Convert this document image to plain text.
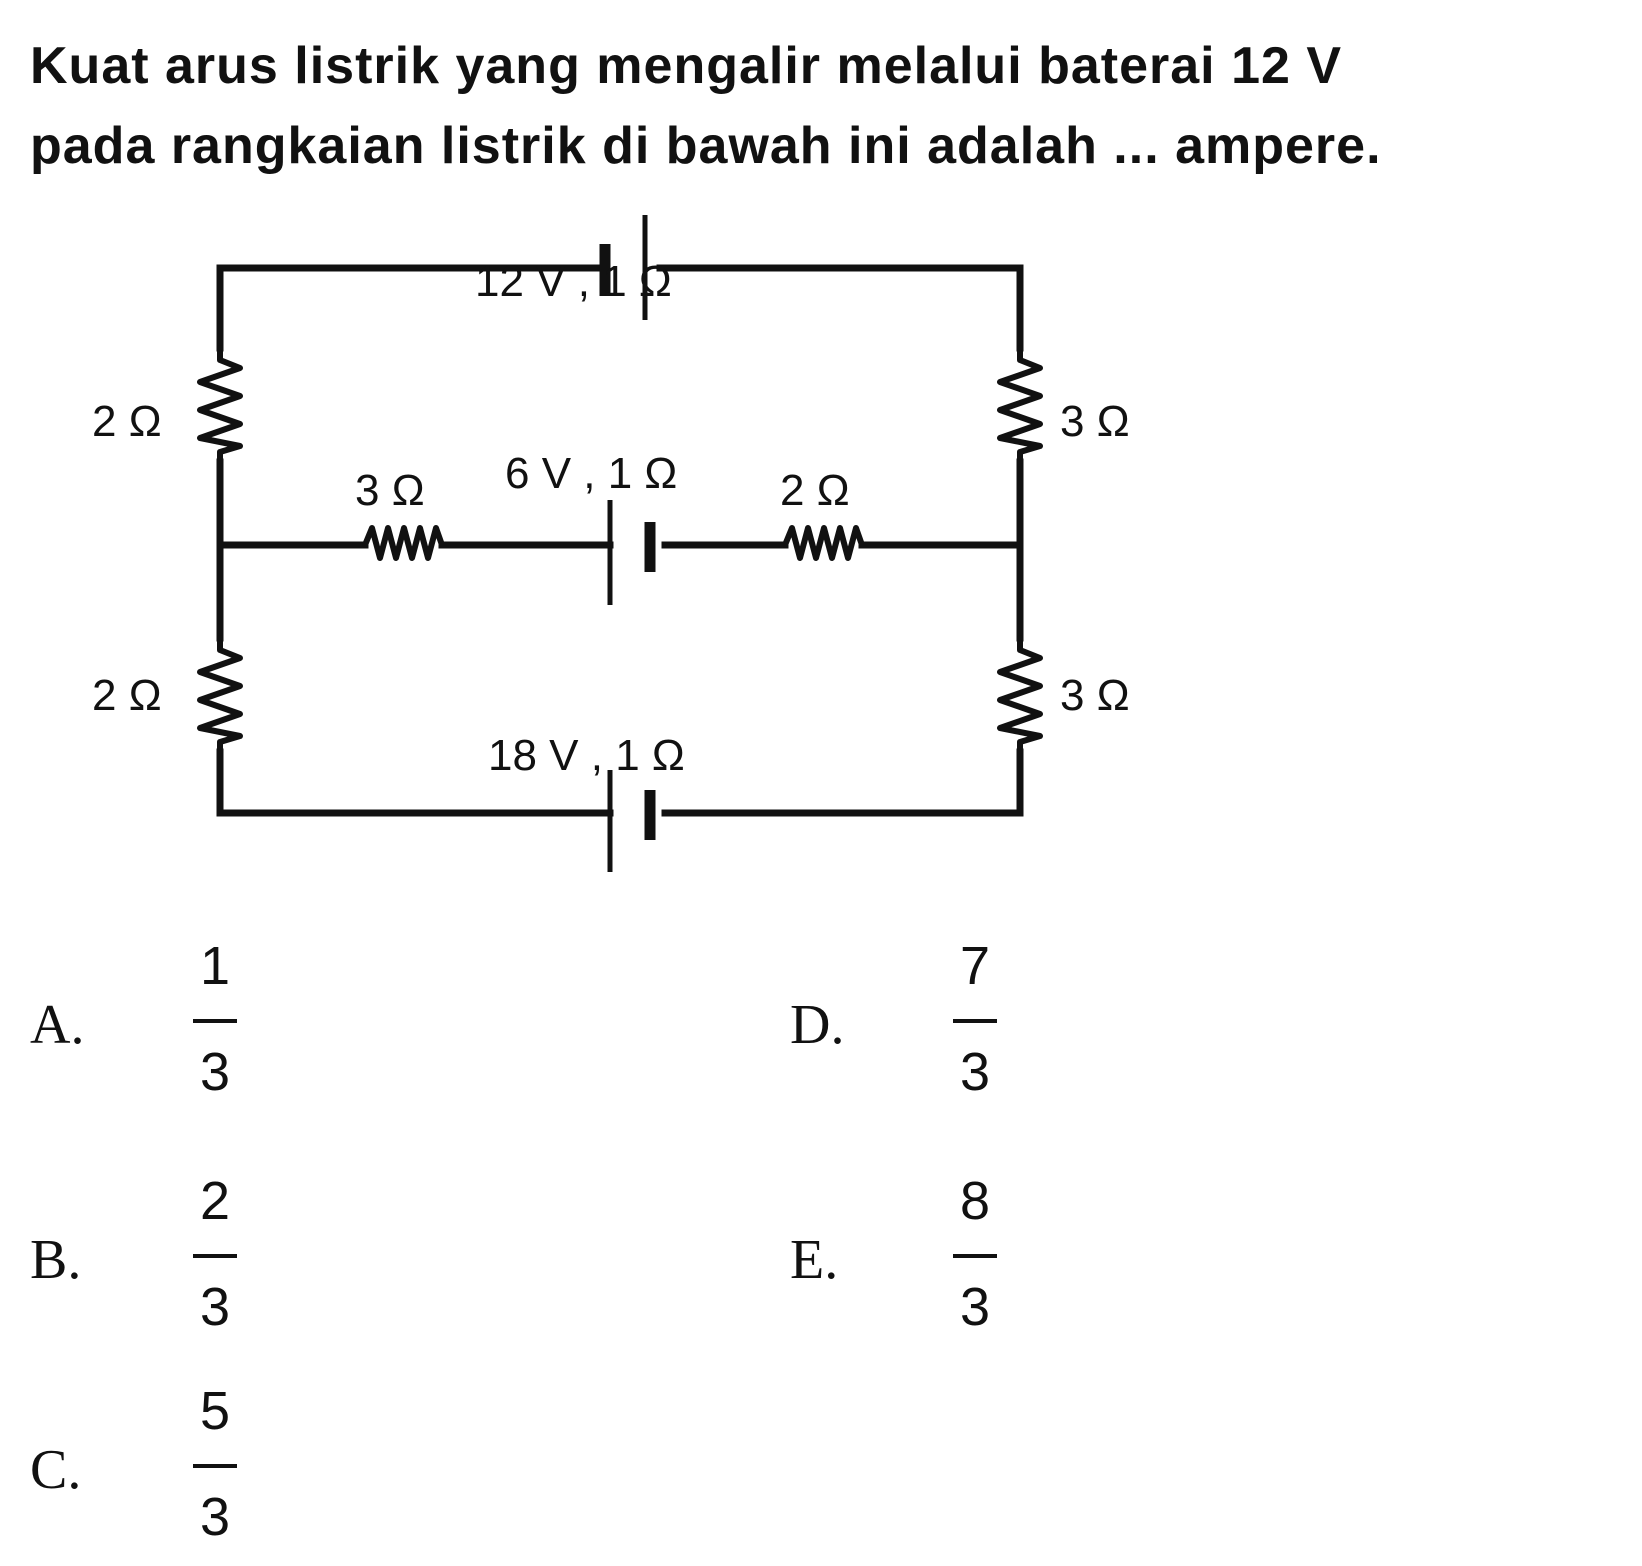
Kuat arus listrik yang mengalir melalui baterai 12 V
pada rangkaian listrik di bawah ini adalah ... ampere.
12 V , 1 Ω
2 Ω	3 Ω
3 Ω 6 V , 1 Ω 2 Ω
2 Ω	3 Ω
18 V , 1 Ω
A.
1
3
B.
2
3
C.
5
3
D.
7
3
E.
8
3
